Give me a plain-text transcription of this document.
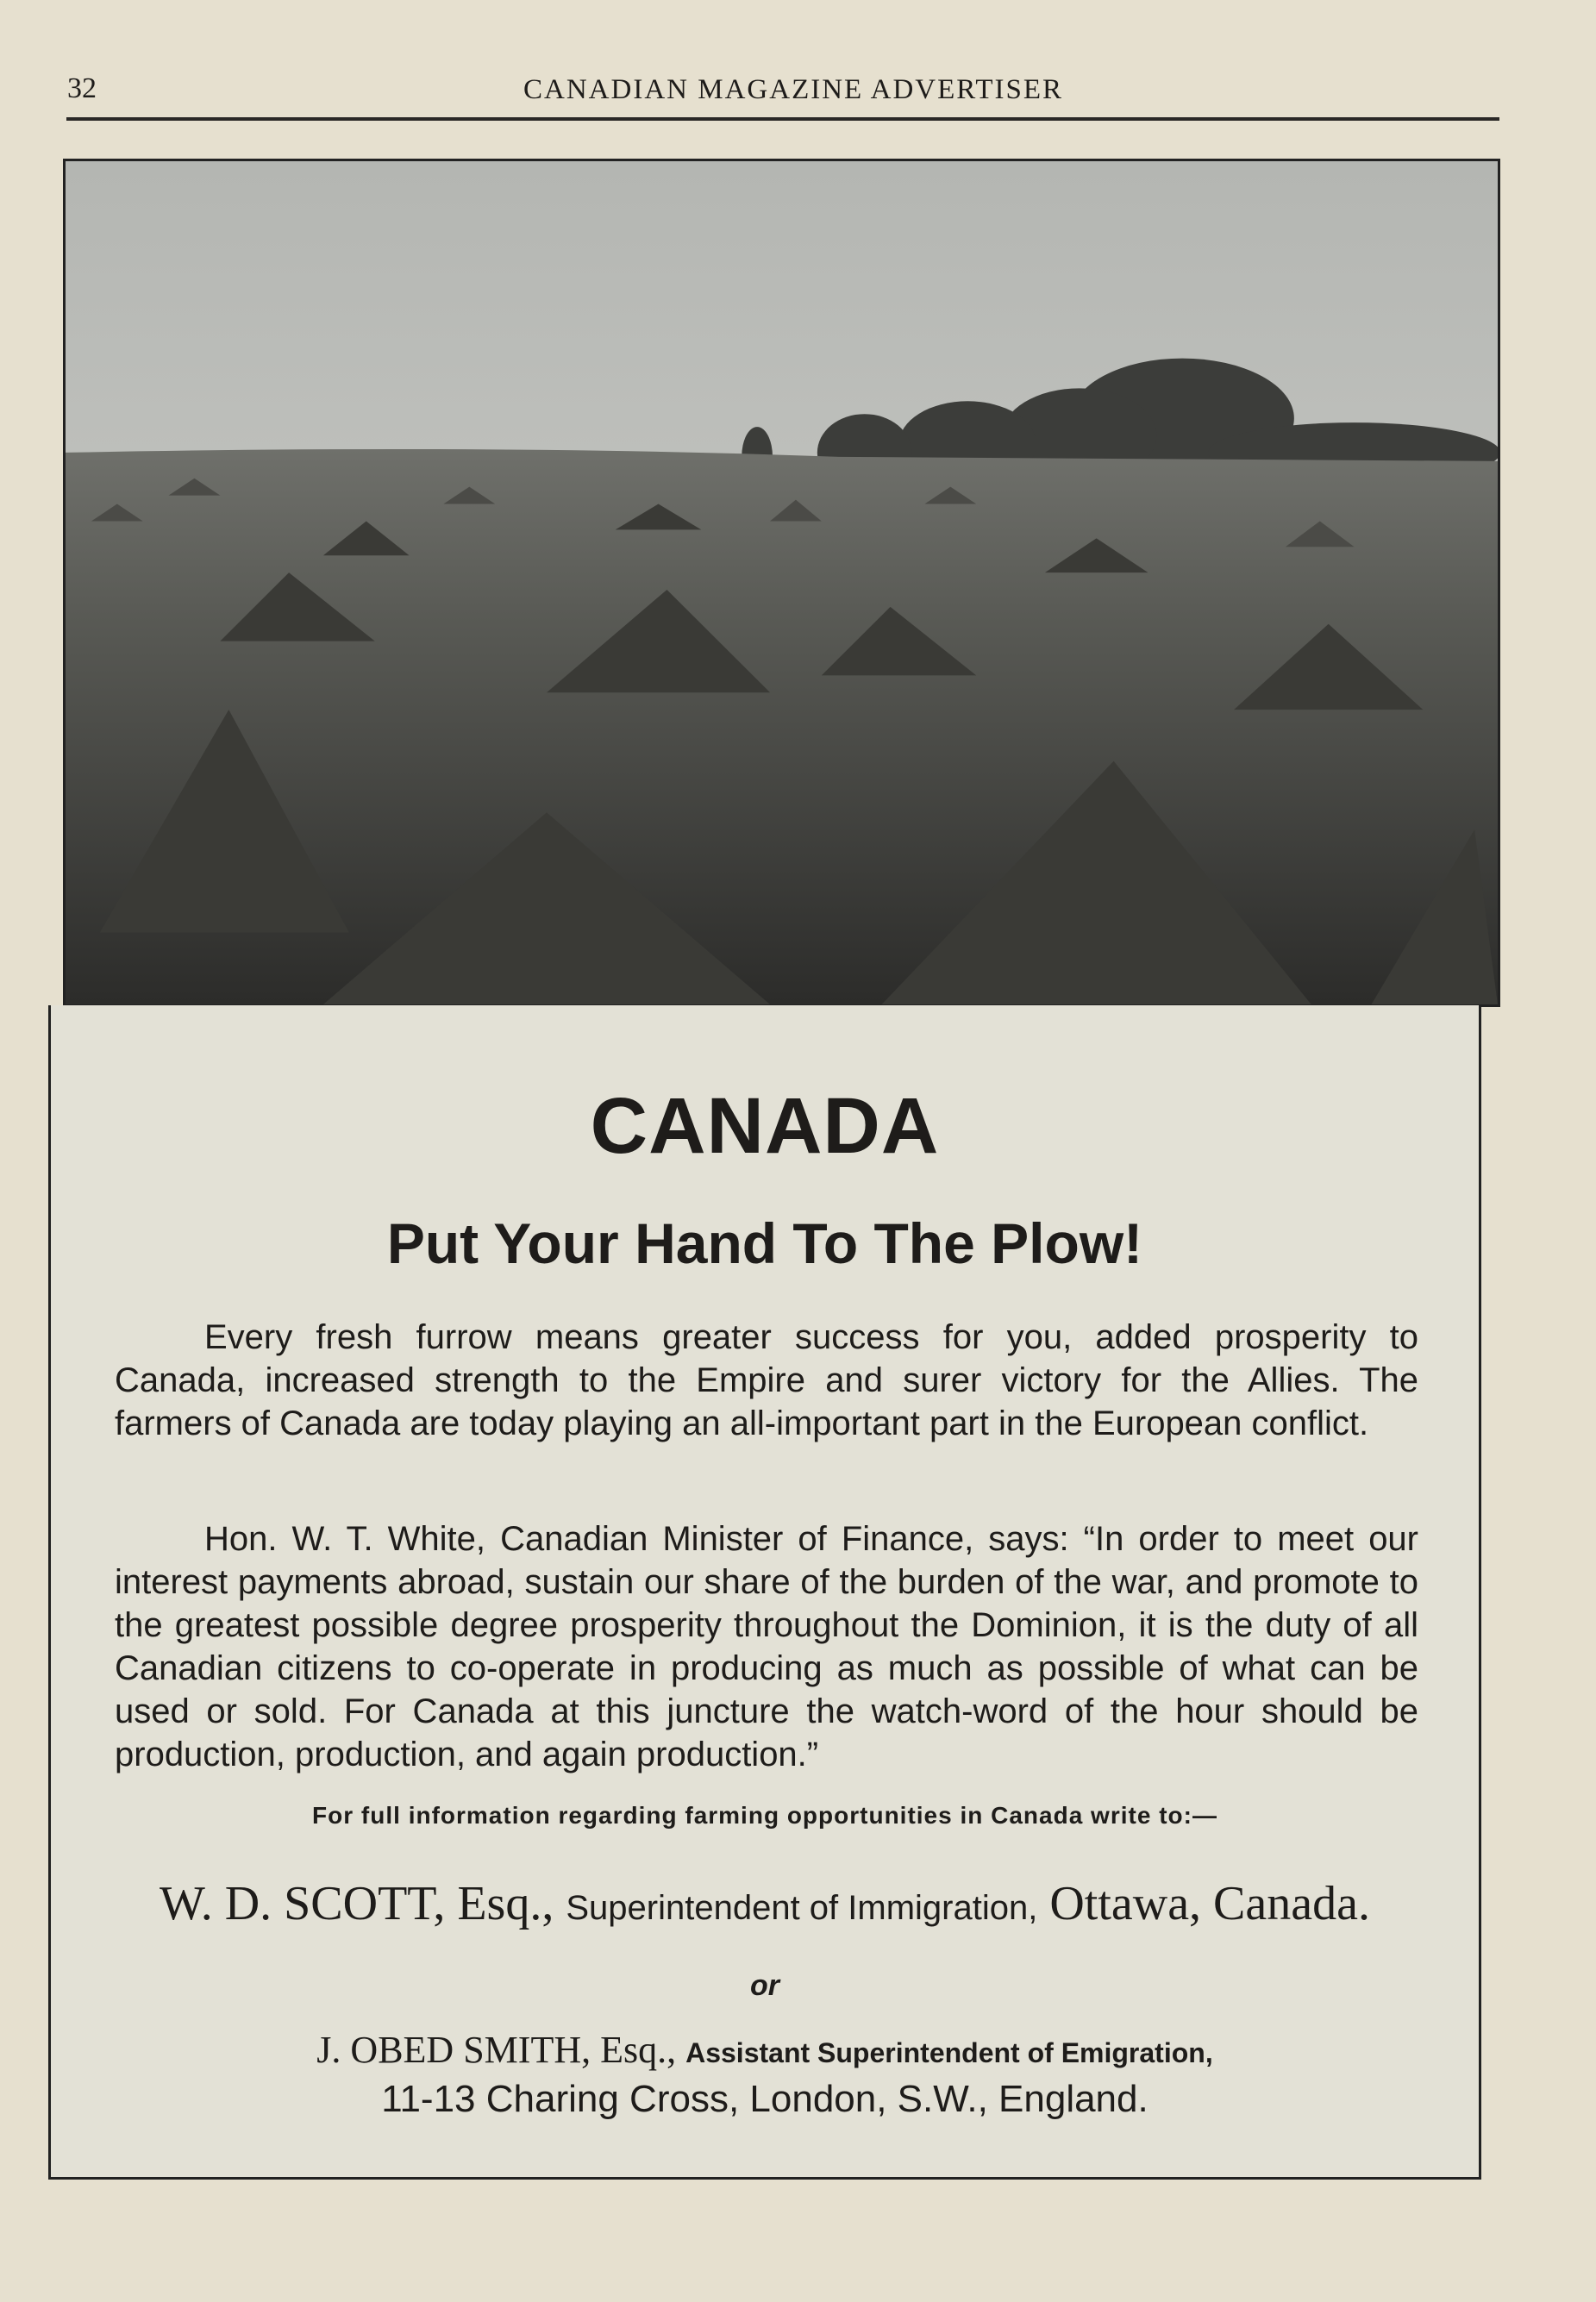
32	CANADIAN MAGAZINE ADVERTISER
CANADA
Put Your Hand To The Plow!
Every fresh furrow means greater success for you, added prosperity to Canada, increased strength to the Empire and surer victory for the Allies. The farmers of Canada are today playing an all-important part in the European conflict.
Hon. W. T. White, Canadian Minister of Finance, says: “In order to meet our interest payments abroad, sustain our share of the burden of the war, and promote to the greatest possible degree prosperity throughout the Dominion, it is the duty of all Canadian citizens to co-operate in producing as much as possible of what can be used or sold. For Canada at this juncture the watch-word of the hour should be production, production, and again production.”
For full information regarding farming opportunities in Canada write to:—
W. D. SCOTT, Esq., Superintendent of Immigration, Ottawa, Canada.
or
J. OBED SMITH, Esq., Assistant Superintendent of Emigration,
11-13 Charing Cross, London, S.W., England.
